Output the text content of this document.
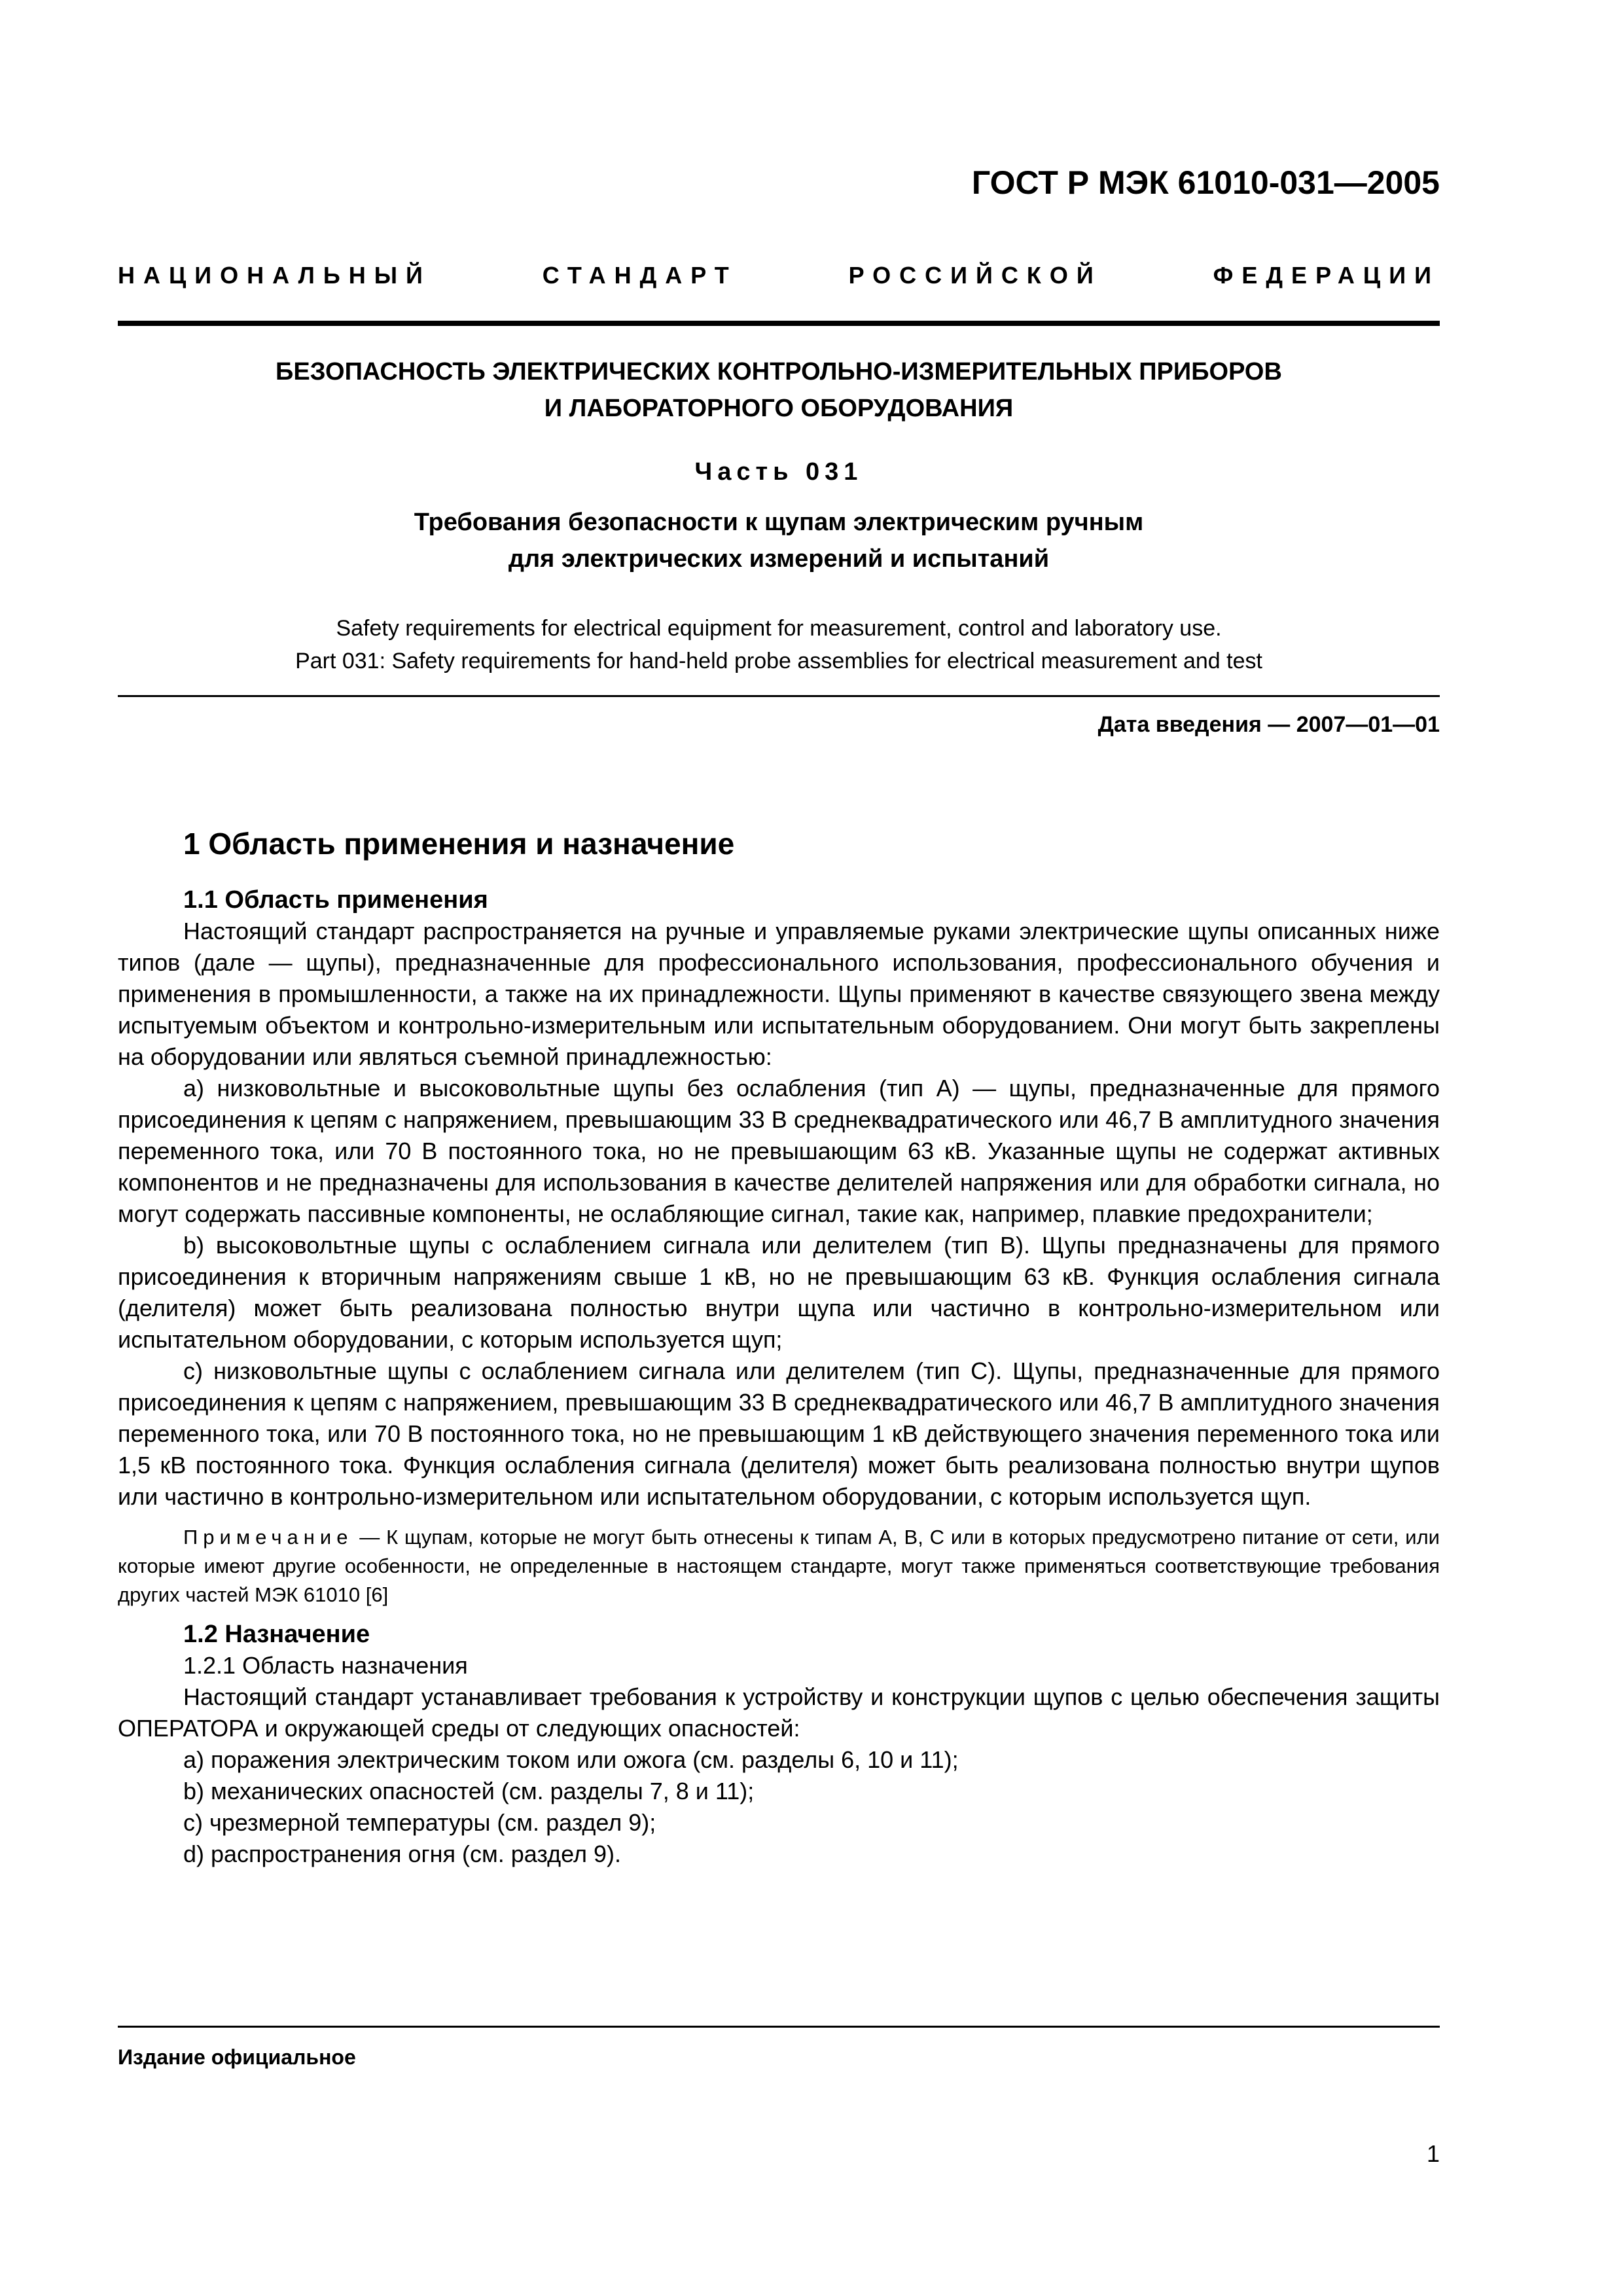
ГОСТ Р МЭК 61010-031—2005
НАЦИОНАЛЬНЫЙ	СТАНДАРТ	РОССИЙСКОЙ	ФЕДЕРАЦИИ
БЕЗОПАСНОСТЬ ЭЛЕКТРИЧЕСКИХ КОНТРОЛЬНО-ИЗМЕРИТЕЛЬНЫХ ПРИБОРОВ
И ЛАБОРАТОРНОГО ОБОРУДОВАНИЯ
Часть 031
Требования безопасности к щупам электрическим ручным
для электрических измерений и испытаний
Safety requirements for electrical equipment for measurement, control and laboratory use.
Part 031: Safety requirements for hand-held probe assemblies for electrical measurement and test
Дата введения — 2007—01—01
1 Область применения и назначение
1.1 Область применения

Настоящий стандарт распространяется на ручные и управляемые руками электрические щупы описанных ниже типов (дале — щупы), предназначенные для профессионального использования, профессионального обучения и применения в промышленности, а также на их принадлежности. Щупы применяют в качестве связующего звена между испытуемым объектом и контрольно-измерительным или испытательным оборудованием. Они могут быть закреплены на оборудовании или являться съемной принадлежностью:

а) низковольтные и высоковольтные щупы без ослабления (тип А) — щупы, предназначенные для прямого присоединения к цепям с напряжением, превышающим 33 В среднеквадратического или 46,7 В амплитудного значения переменного тока, или 70 В постоянного тока, но не превышающим 63 кВ. Указанные щупы не содержат активных компонентов и не предназначены для использования в качестве делителей напряжения или для обработки сигнала, но могут содержать пассивные компоненты, не ослабляющие сигнал, такие как, например, плавкие предохранители;

b) высоковольтные щупы с ослаблением сигнала или делителем (тип В). Щупы предназначены для прямого присоединения к вторичным напряжениям свыше 1 кВ, но не превышающим 63 кВ. Функция ослабления сигнала (делителя) может быть реализована полностью внутри щупа или частично в контрольно-измерительном или испытательном оборудовании, с которым используется щуп;

c) низковольтные щупы с ослаблением сигнала или делителем (тип С). Щупы, предназначенные для прямого присоединения к цепям с напряжением, превышающим 33 В среднеквадратического или 46,7 В амплитудного значения переменного тока, или 70 В постоянного тока, но не превышающим 1 кВ действующего значения переменного тока или 1,5 кВ постоянного тока. Функция ослабления сигнала (делителя) может быть реализована полностью внутри щупов или частично в контрольно-измерительном или испытательном оборудовании, с которым используется щуп.

Примечание — К щупам, которые не могут быть отнесены к типам А, В, С или в которых предусмотрено питание от сети, или которые имеют другие особенности, не определенные в настоящем стандарте, могут также применяться соответствующие требования других частей МЭК 61010 [6]

1.2 Назначение
1.2.1 Область назначения

Настоящий стандарт устанавливает требования к устройству и конструкции щупов с целью обеспечения защиты ОПЕРАТОРА и окружающей среды от следующих опасностей:

a) поражения электрическим током или ожога (см. разделы 6, 10 и 11);

b) механических опасностей (см. разделы 7, 8 и 11);

c) чрезмерной температуры (см. раздел 9);

d) распространения огня (см. раздел 9).

Издание официальное
1
